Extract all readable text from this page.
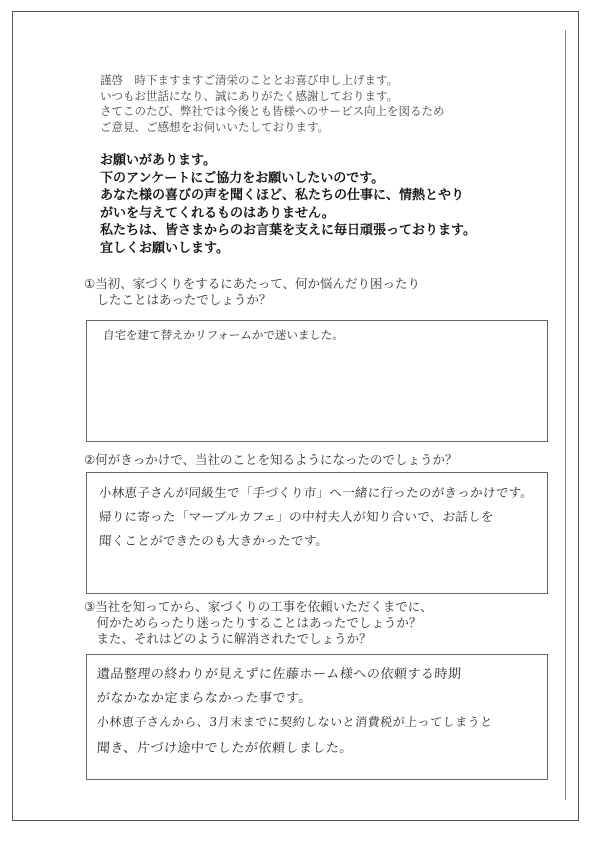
謹啓　時下ますますご清栄のこととお喜び申し上げます。
いつもお世話になり、誠にありがたく感謝しております。
さてこのたび、弊社では今後とも皆様へのサービス向上を図るため
ご意見、ご感想をお伺いいたしております。
お願いがあります。
下のアンケートにご協力をお願いしたいのです。
あなた様の喜びの声を聞くほど、私たちの仕事に、情熱とやり
がいを与えてくれるものはありません。
私たちは、皆さまからのお言葉を支えに毎日頑張っております。
宜しくお願いします。
①当初、家づくりをするにあたって、何か悩んだり困ったり
　したことはあったでしょうか？
自宅を建て替えかリフォームかで迷いました。
②何がきっかけで、当社のことを知るようになったのでしょうか？
小林恵子さんが同級生で「手づくり市」へ一緒に行ったのがきっかけです。
帰りに寄った「マーブルカフェ」の中村夫人が知り合いで、お話しを
聞くことができたのも大きかったです。
③当社を知ってから、家づくりの工事を依頼いただくまでに、
　何かためらったり迷ったりすることはあったでしょうか？
　また、それはどのように解消されたでしょうか？
遺品整理の終わりが見えずに佐藤ホーム様への依頼する時期
がなかなか定まらなかった事です。
小林恵子さんから、3月末までに契約しないと消費税が上ってしまうと
聞き、片づけ途中でしたが依頼しました。
